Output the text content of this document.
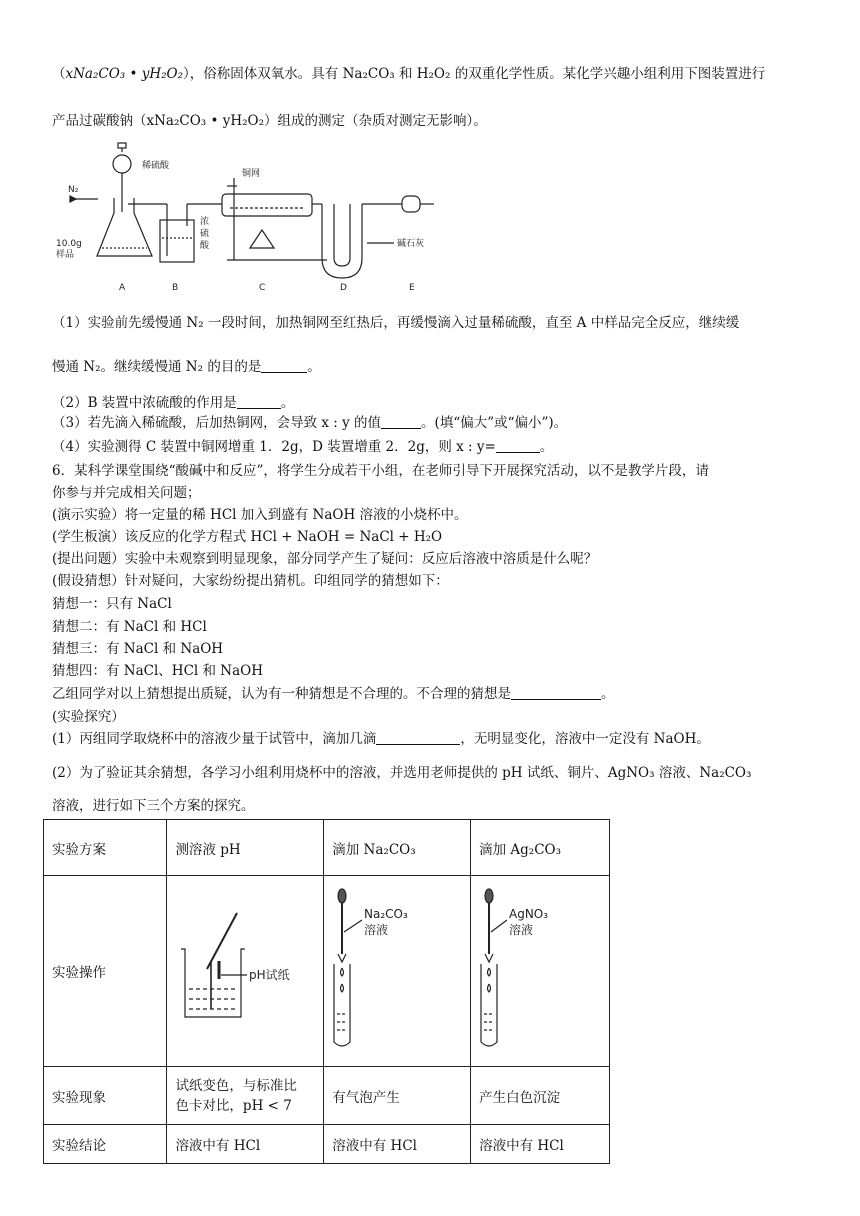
（xNa₂CO₃ • yH₂O₂），俗称固体双氧水。具有 Na₂CO₃ 和 H₂O₂ 的双重化学性质。某化学兴趣小组利用下图装置进行
产品过碳酸钠（xNa₂CO₃ • yH₂O₂）组成的测定（杂质对测定无影响）。
稀硫酸
N₂
10.0g
样品
浓
硫
酸
铜网
碱石灰
A	B	C	D	E
（1）实验前先缓慢通 N₂ 一段时间，加热铜网至红热后，再缓慢滴入过量稀硫酸，直至 A 中样品完全反应，继续缓
慢通 N₂。继续缓慢通 N₂ 的目的是	。
（2）B 装置中浓硫酸的作用是	。
（3）若先滴入稀硫酸，后加热铜网，会导致 x : y 的值	。(填“偏大”或“偏小”)。
（4）实验测得 C 装置中铜网增重 1．2g，D 装置增重 2．2g，则 x : y=	。
6．某科学课堂围绕“酸碱中和反应”，将学生分成若干小组，在老师引导下开展探究活动，以不是教学片段，请
你参与并完成相关问题；
(演示实验）将一定量的稀 HCl 加入到盛有 NaOH 溶液的小烧杯中。
(学生板演）该反应的化学方程式 HCl + NaOH = NaCl + H₂O
(提出问题）实验中未观察到明显现象，部分同学产生了疑问：反应后溶液中溶质是什么呢？
(假设猜想）针对疑问，大家纷纷提出猜机。印组同学的猜想如下：
猜想一：只有 NaCl
猜想二：有 NaCl 和 HCl
猜想三：有 NaCl 和 NaOH
猜想四：有 NaCl、HCl 和 NaOH
乙组同学对以上猜想提出质疑，认为有一种猜想是不合理的。不合理的猜想是	。
(实验探究）
(1）丙组同学取烧杯中的溶液少量于试管中，滴加几滴	，无明显变化，溶液中一定没有 NaOH。
(2）为了验证其余猜想，各学习小组利用烧杯中的溶液，并选用老师提供的 pH 试纸、铜片、AgNO₃ 溶液、Na₂CO₃
溶液，进行如下三个方案的探究。
实验方案	测溶液 pH	滴加 Na₂CO₃	滴加 Ag₂CO₃
实验操作	pH试纸	Na₂CO₃
溶液	AgNO₃
溶液

实验现象	试纸变色，与标准比
色卡对比，pH < 7	有气泡产生	产生白色沉淀
实验结论	溶液中有 HCl	溶液中有 HCl	溶液中有 HCl
